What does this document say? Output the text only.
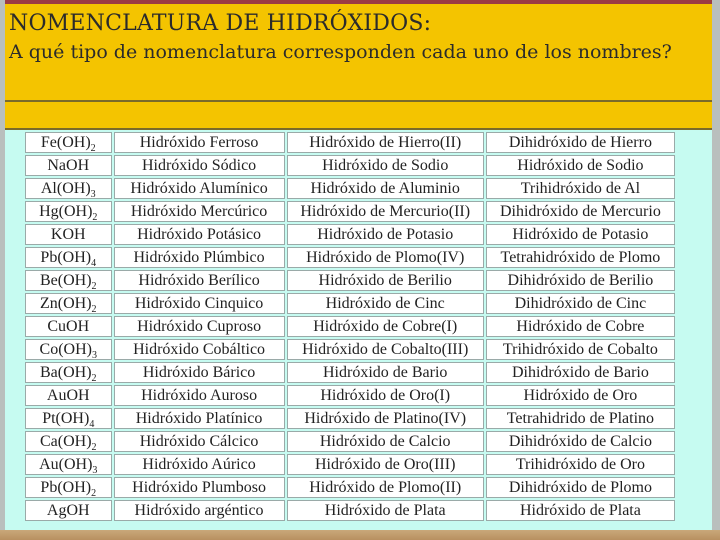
NOMENCLATURA DE HIDRÓXIDOS:

A qué tipo de nomenclatura corresponden cada uno de los nombres?

$Fe(OH)_2$	Hidróxido Ferroso	Hidróxido de Hierro(II)	Dihidróxido de Hierro
NaOH	Hidróxido Sódico	Hidróxido de Sodio	Hidróxido de Sodio
$Al(OH)_3$	Hidróxido Alumínico	Hidróxido de Aluminio	Trihidróxido de Al
$Hg(OH)_2$	Hidróxido Mercúrico	Hidróxido de Mercurio(II)	Dihidróxido de Mercurio
KOH	Hidróxido Potásico	Hidróxido de Potasio	Hidróxido de Potasio
$Pb(OH)_4$	Hidróxido Plúmbico	Hidróxido de Plomo(IV)	Tetrahidróxido de Plomo
$Be(OH)_2$	Hidróxido Berílico	Hidróxido de Berilio	Dihidróxido de Berilio
$Zn(OH)_2$	Hidróxido Cinquico	Hidróxido de Cinc	Dihidróxido de Cinc
CuOH	Hidróxido Cuproso	Hidróxido de Cobre(I)	Hidróxido de Cobre
$Co(OH)_3$	Hidróxido Cobáltico	Hidróxido de Cobalto(III)	Trihidróxido de Cobalto
$Ba(OH)_2$	Hidróxido Bárico	Hidróxido de Bario	Dihidróxido de Bario
AuOH	Hidróxido Auroso	Hidróxido de Oro(I)	Hidróxido de Oro
$Pt(OH)_4$	Hidróxido Platínico	Hidróxido de Platino(IV)	Tetrahidrido de Platino
$Ca(OH)_2$	Hidróxido Cálcico	Hidróxido de Calcio	Dihidróxido de Calcio
$Au(OH)_3$	Hidróxido Aúrico	Hidróxido de Oro(III)	Trihidróxido de Oro
$Pb(OH)_2$	Hidróxido Plumboso	Hidróxido de Plomo(II)	Dihidróxido de Plomo
AgOH	Hidróxido argéntico	Hidróxido de Plata	Hidróxido de Plata
